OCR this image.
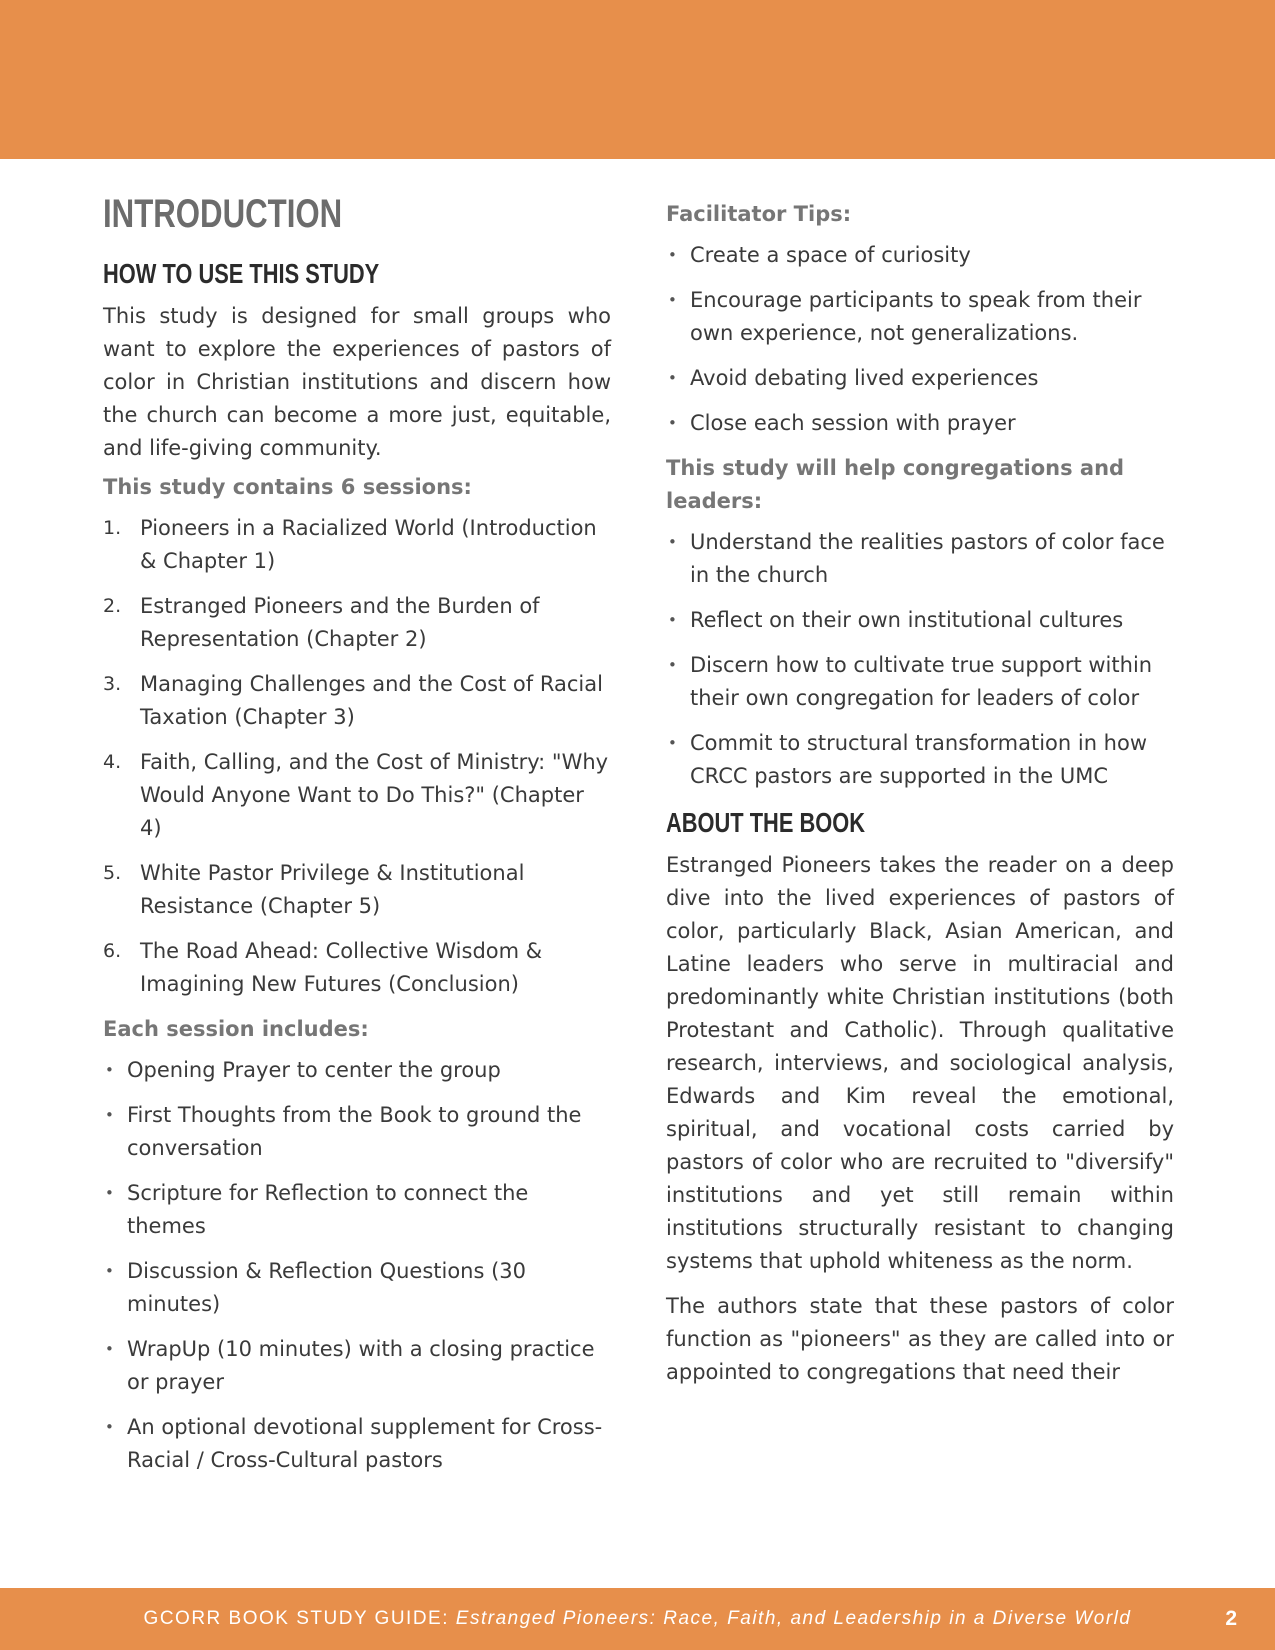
INTRODUCTION
HOW TO USE THIS STUDY

This study is designed for small groups who want to explore the experiences of pastors of color in Christian institutions and discern how the church can become a more just, equitable, and life-giving community.

This study contains 6 sessions:
1. Pioneers in a Racialized World (Introduction & Chapter 1)
2. Estranged Pioneers and the Burden of Representation (Chapter 2)
3. Managing Challenges and the Cost of Racial Taxation (Chapter 3)
4. Faith, Calling, and the Cost of Ministry: "Why Would Anyone Want to Do This?" (Chapter 4)
5. White Pastor Privilege & Institutional Resistance (Chapter 5)
6. The Road Ahead: Collective Wisdom & Imagining New Futures (Conclusion)
Each session includes:
• Opening Prayer to center the group
• First Thoughts from the Book to ground the conversation
• Scripture for Reflection to connect the themes
• Discussion & Reflection Questions (30 minutes)
• WrapUp (10 minutes) with a closing practice or prayer
• An optional devotional supplement for Cross-Racial / Cross-Cultural pastors
Facilitator Tips:
• Create a space of curiosity
• Encourage participants to speak from their own experience, not generalizations.
• Avoid debating lived experiences
• Close each session with prayer
This study will help congregations and leaders:
• Understand the realities pastors of color face in the church
• Reflect on their own institutional cultures
• Discern how to cultivate true support within their own congregation for leaders of color
• Commit to structural transformation in how CRCC pastors are supported in the UMC
ABOUT THE BOOK

Estranged Pioneers takes the reader on a deep dive into the lived experiences of pastors of color, particularly Black, Asian American, and Latine leaders who serve in multiracial and predominantly white Christian institutions (both Protestant and Catholic). Through qualitative research, interviews, and sociological analysis, Edwards and Kim reveal the emotional, spiritual, and vocational costs carried by pastors of color who are recruited to "diversify" institutions and yet still remain within institutions structurally resistant to changing systems that uphold whiteness as the norm.

The authors state that these pastors of color function as "pioneers" as they are called into or appointed to congregations that need their

GCORR BOOK STUDY GUIDE: Estranged Pioneers: Race, Faith, and Leadership in a Diverse World	2
